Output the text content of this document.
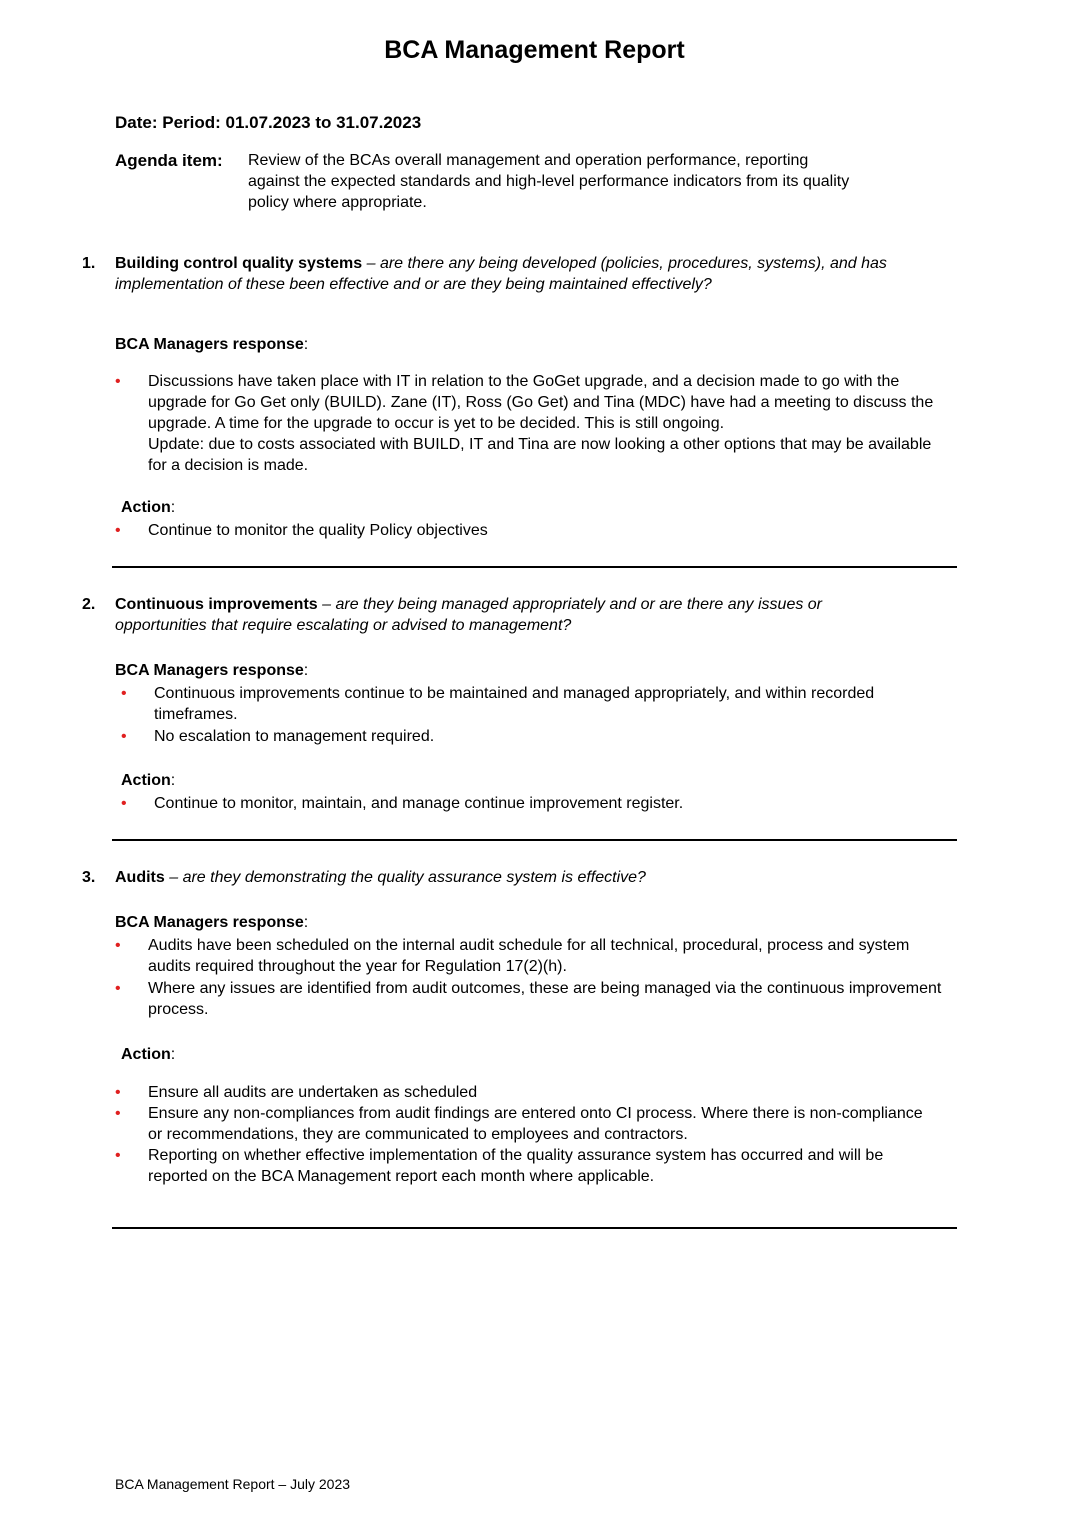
BCA Management Report
Date: Period: 01.07.2023 to 31.07.2023
Agenda item: Review of the BCAs overall management and operation performance, reporting against the expected standards and high-level performance indicators from its quality policy where appropriate.
1. Building control quality systems – are there any being developed (policies, procedures, systems), and has implementation of these been effective and or are they being maintained effectively?
BCA Managers response:
• Discussions have taken place with IT in relation to the GoGet upgrade, and a decision made to go with the upgrade for Go Get only (BUILD). Zane (IT), Ross (Go Get) and Tina (MDC) have had a meeting to discuss the upgrade. A time for the upgrade to occur is yet to be decided. This is still ongoing.
Update: due to costs associated with BUILD, IT and Tina are now looking a other options that may be available for a decision is made.
Action:
• Continue to monitor the quality Policy objectives
2. Continuous improvements – are they being managed appropriately and or are there any issues or opportunities that require escalating or advised to management?
BCA Managers response:
• Continuous improvements continue to be maintained and managed appropriately, and within recorded timeframes.
• No escalation to management required.
Action:
• Continue to monitor, maintain, and manage continue improvement register.
3. Audits – are they demonstrating the quality assurance system is effective?
BCA Managers response:
• Audits have been scheduled on the internal audit schedule for all technical, procedural, process and system audits required throughout the year for Regulation 17(2)(h).
• Where any issues are identified from audit outcomes, these are being managed via the continuous improvement process.
Action:
• Ensure all audits are undertaken as scheduled
• Ensure any non-compliances from audit findings are entered onto CI process. Where there is non-compliance or recommendations, they are communicated to employees and contractors.
• Reporting on whether effective implementation of the quality assurance system has occurred and will be reported on the BCA Management report each month where applicable.
BCA Management Report – July 2023
